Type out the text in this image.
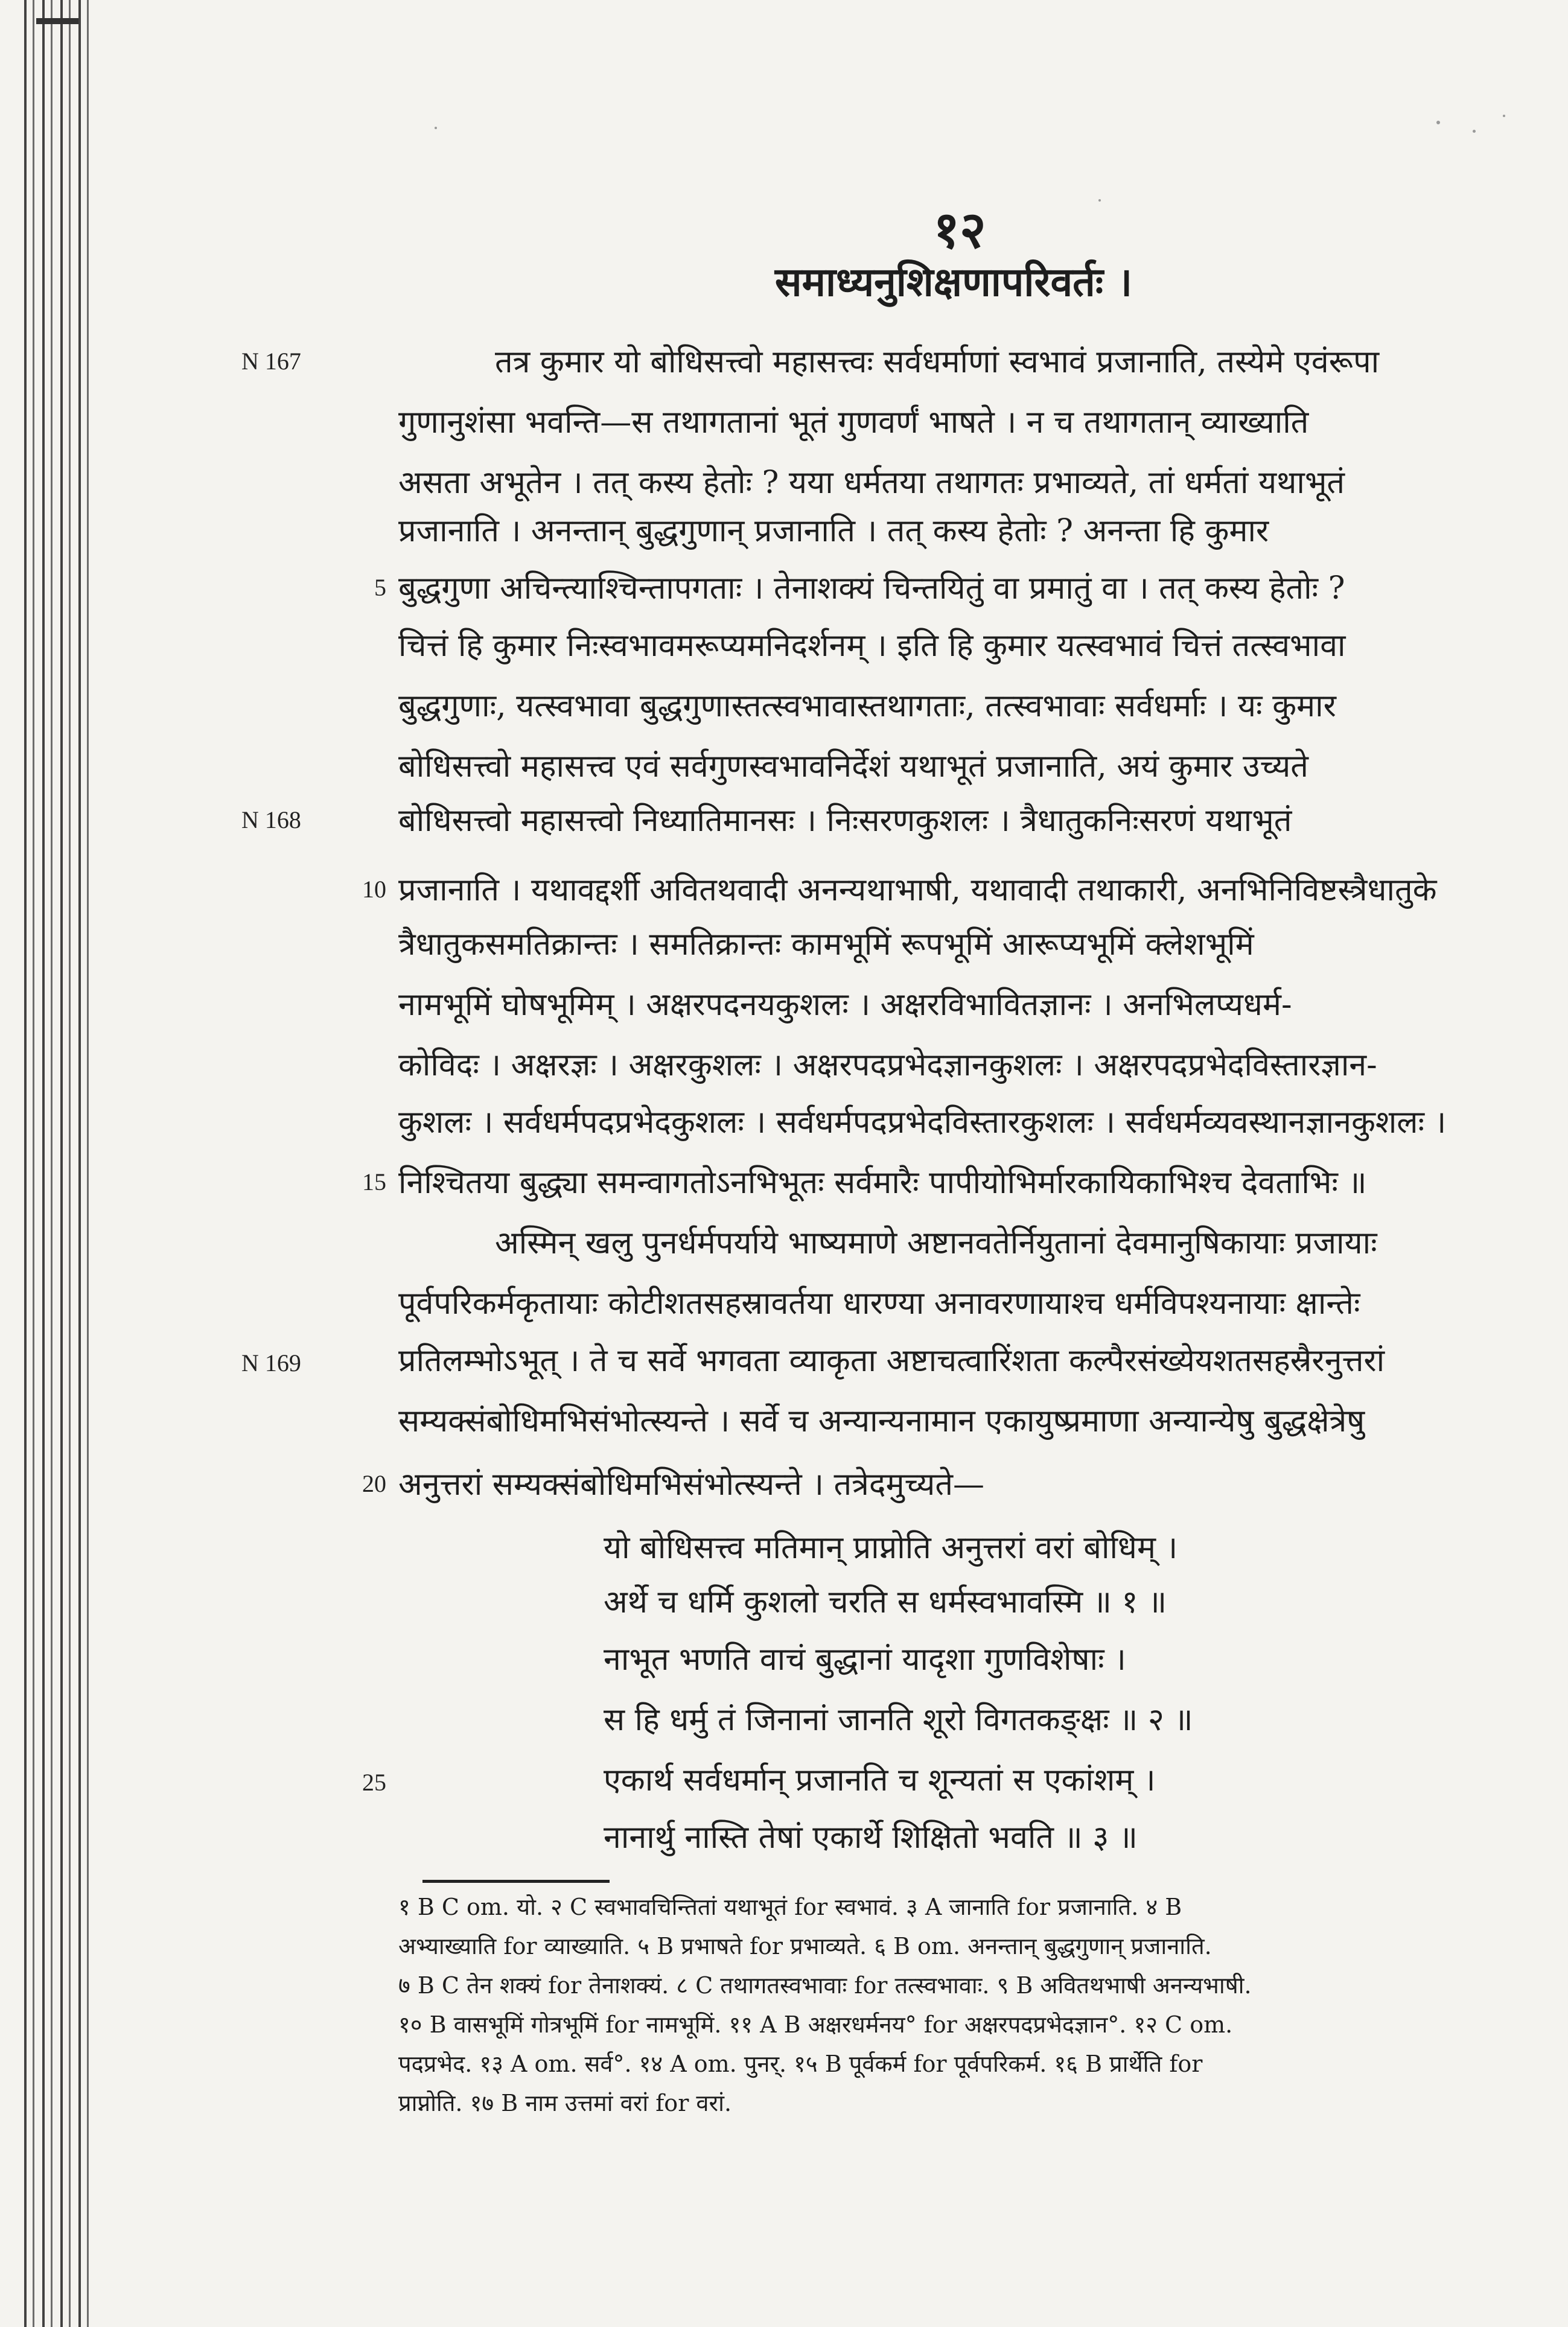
१२
समाध्यनुशिक्षणापरिवर्तः ।
N 167
N 168
N 169
5
10
15
20
25
तत्र कुमार यो बोधिसत्त्वो महासत्त्वः सर्वधर्माणां स्वभावं प्रजानाति, तस्येमे एवंरूपा
गुणानुशंसा भवन्ति—स तथागतानां भूतं गुणवर्णं भाषते । न च तथागतान् व्याख्याति
असता अभूतेन । तत् कस्य हेतोः ? यया धर्मतया तथागतः प्रभाव्यते, तां धर्मतां यथाभूतं
प्रजानाति । अनन्तान् बुद्धगुणान् प्रजानाति । तत् कस्य हेतोः ? अनन्ता हि कुमार
बुद्धगुणा अचिन्त्याश्चिन्तापगताः । तेनाशक्यं चिन्तयितुं वा प्रमातुं वा । तत् कस्य हेतोः ?
चित्तं हि कुमार निःस्वभावमरूप्यमनिदर्शनम् । इति हि कुमार यत्स्वभावं चित्तं तत्स्वभावा
बुद्धगुणाः, यत्स्वभावा बुद्धगुणास्तत्स्वभावास्तथागताः, तत्स्वभावाः सर्वधर्माः । यः कुमार
बोधिसत्त्वो महासत्त्व एवं सर्वगुणस्वभावनिर्देशं यथाभूतं प्रजानाति, अयं कुमार उच्यते
बोधिसत्त्वो महासत्त्वो निध्यातिमानसः । निःसरणकुशलः । त्रैधातुकनिःसरणं यथाभूतं
प्रजानाति । यथावद्दर्शी अवितथवादी अनन्यथाभाषी, यथावादी तथाकारी, अनभिनिविष्टस्त्रैधातुके
त्रैधातुकसमतिक्रान्तः । समतिक्रान्तः कामभूमिं रूपभूमिं आरूप्यभूमिं क्लेशभूमिं
नामभूमिं घोषभूमिम् । अक्षरपदनयकुशलः । अक्षरविभावितज्ञानः । अनभिलप्यधर्म-
कोविदः । अक्षरज्ञः । अक्षरकुशलः । अक्षरपदप्रभेदज्ञानकुशलः । अक्षरपदप्रभेदविस्तारज्ञान-
कुशलः । सर्वधर्मपदप्रभेदकुशलः । सर्वधर्मपदप्रभेदविस्तारकुशलः । सर्वधर्मव्यवस्थानज्ञानकुशलः ।
निश्चितया बुद्ध्या समन्वागतोऽनभिभूतः सर्वमारैः पापीयोभिर्मारकायिकाभिश्च देवताभिः ॥
अस्मिन् खलु पुनर्धर्मपर्याये भाष्यमाणे अष्टानवतेर्नियुतानां देवमानुषिकायाः प्रजायाः
पूर्वपरिकर्मकृतायाः कोटीशतसहस्रावर्तया धारण्या अनावरणायाश्च धर्मविपश्यनायाः क्षान्तेः
प्रतिलम्भोऽभूत् । ते च सर्वे भगवता व्याकृता अष्टाचत्वारिंशता कल्पैरसंख्येयशतसहस्रैरनुत्तरां
सम्यक्संबोधिमभिसंभोत्स्यन्ते । सर्वे च अन्यान्यनामान एकायुष्प्रमाणा अन्यान्येषु बुद्धक्षेत्रेषु
अनुत्तरां सम्यक्संबोधिमभिसंभोत्स्यन्ते । तत्रेदमुच्यते—
यो बोधिसत्त्व मतिमान् प्राप्नोति अनुत्तरां वरां बोधिम् ।
अर्थे च धर्मि कुशलो चरति स धर्मस्वभावस्मि ॥ १ ॥
नाभूत भणति वाचं बुद्धानां यादृशा गुणविशेषाः ।
स हि धर्मु तं जिनानां जानति शूरो विगतकङ्क्षः ॥ २ ॥
एकार्थ सर्वधर्मान् प्रजानति च शून्यतां स एकांशम् ।
नानार्थु नास्ति तेषां एकार्थे शिक्षितो भवति ॥ ३ ॥
१ B C om. यो. २ C स्वभावचिन्तितां यथाभूतं for स्वभावं. ३ A जानाति for प्रजानाति. ४ B
अभ्याख्याति for व्याख्याति. ५ B प्रभाषते for प्रभाव्यते. ६ B om. अनन्तान् बुद्धगुणान् प्रजानाति.
७ B C तेन शक्यं for तेनाशक्यं. ८ C तथागतस्वभावाः for तत्स्वभावाः. ९ B अवितथभाषी अनन्यभाषी.
१० B वासभूमिं गोत्रभूमिं for नामभूमिं. ११ A B अक्षरधर्मनय° for अक्षरपदप्रभेदज्ञान°. १२ C om.
पदप्रभेद. १३ A om. सर्व°. १४ A om. पुनर्. १५ B पूर्वकर्म for पूर्वपरिकर्म. १६ B प्रार्थेति for
प्राप्नोति. १७ B नाम उत्तमां वरां for वरां.
